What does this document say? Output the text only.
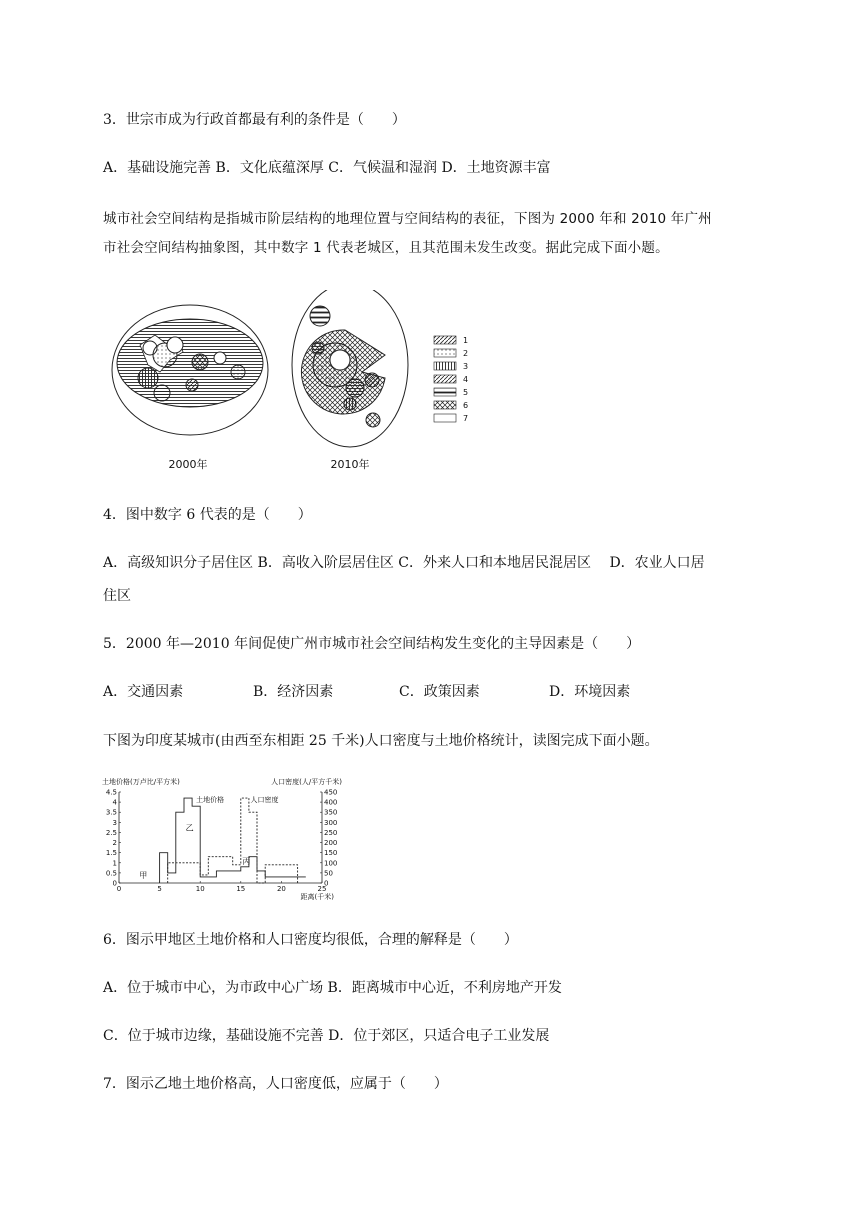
3．世宗市成为行政首都最有利的条件是（　　）
A．基础设施完善 B．文化底蕴深厚 C．气候温和湿润 D．土地资源丰富
城市社会空间结构是指城市阶层结构的地理位置与空间结构的表征，下图为 2000 年和 2010 年广州
市社会空间结构抽象图，其中数字 1 代表老城区，且其范围未发生改变。据此完成下面小题。
2000年	2010年
1
2
3
4
5
6
7
4．图中数字 6 代表的是（　　）
A．高级知识分子居住区 B．高收入阶层居住区 C．外来人口和本地居民混居区 　D．农业人口居
住区
5．2000 年—2010 年间促使广州市城市社会空间结构发生变化的主导因素是（　　）
A．交通因素	B．经济因素	C．政策因素	D．环境因素
下图为印度某城市(由西至东相距 25 千米)人口密度与土地价格统计，读图完成下面小题。
土地价格(万卢比/平方米)	人口密度(人/平方千米)
距离(千米)
0
0.5
1
1.5
2
2.5
3
3.5
4
4.5
0
50
100
150
200
250
300
350
400
450
0	5	10	15	20	25
土地价格	人口密度
甲
乙
丙
6．图示甲地区土地价格和人口密度均很低，合理的解释是（　　）
A．位于城市中心，为市政中心广场 B．距离城市中心近，不利房地产开发
C．位于城市边缘，基础设施不完善 D．位于郊区，只适合电子工业发展
7．图示乙地土地价格高，人口密度低，应属于（　　）
